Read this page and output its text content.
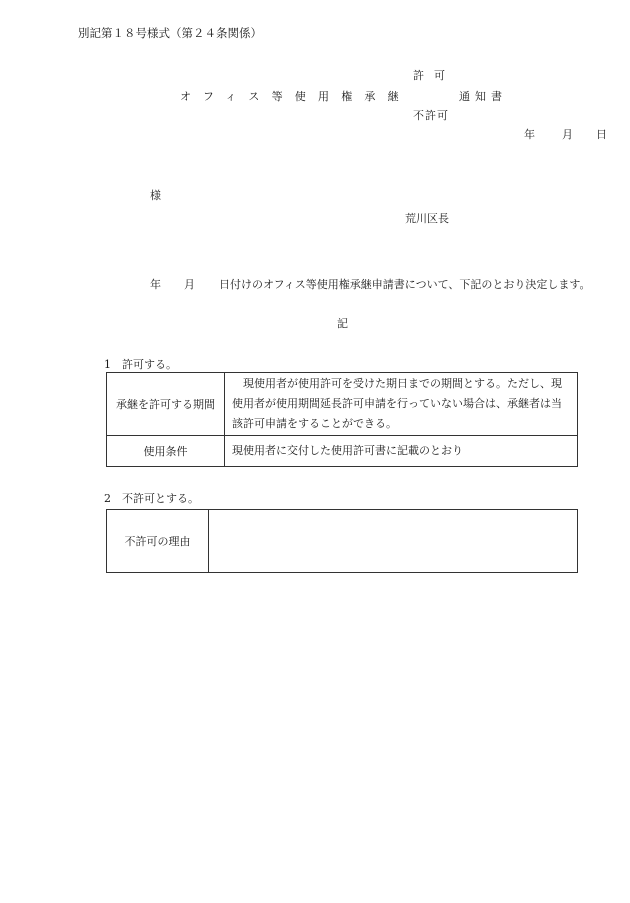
別記第１８号様式（第２４条関係）
許可
オフィス等使用権承継	通知書
不許可
年 月 日
様
荒川区長
年 月 日付けのオフィス等使用権承継申請書について、下記のとおり決定します。
記
1　許可する。
承継を許可する期間	現使用者が使用許可を受けた期日までの期間とする。ただし、現使用者が使用期間延長許可申請を行っていない場合は、承継者は当該許可申請をすることができる。
使用条件	現使用者に交付した使用許可書に記載のとおり
2　不許可とする。
不許可の理由	
